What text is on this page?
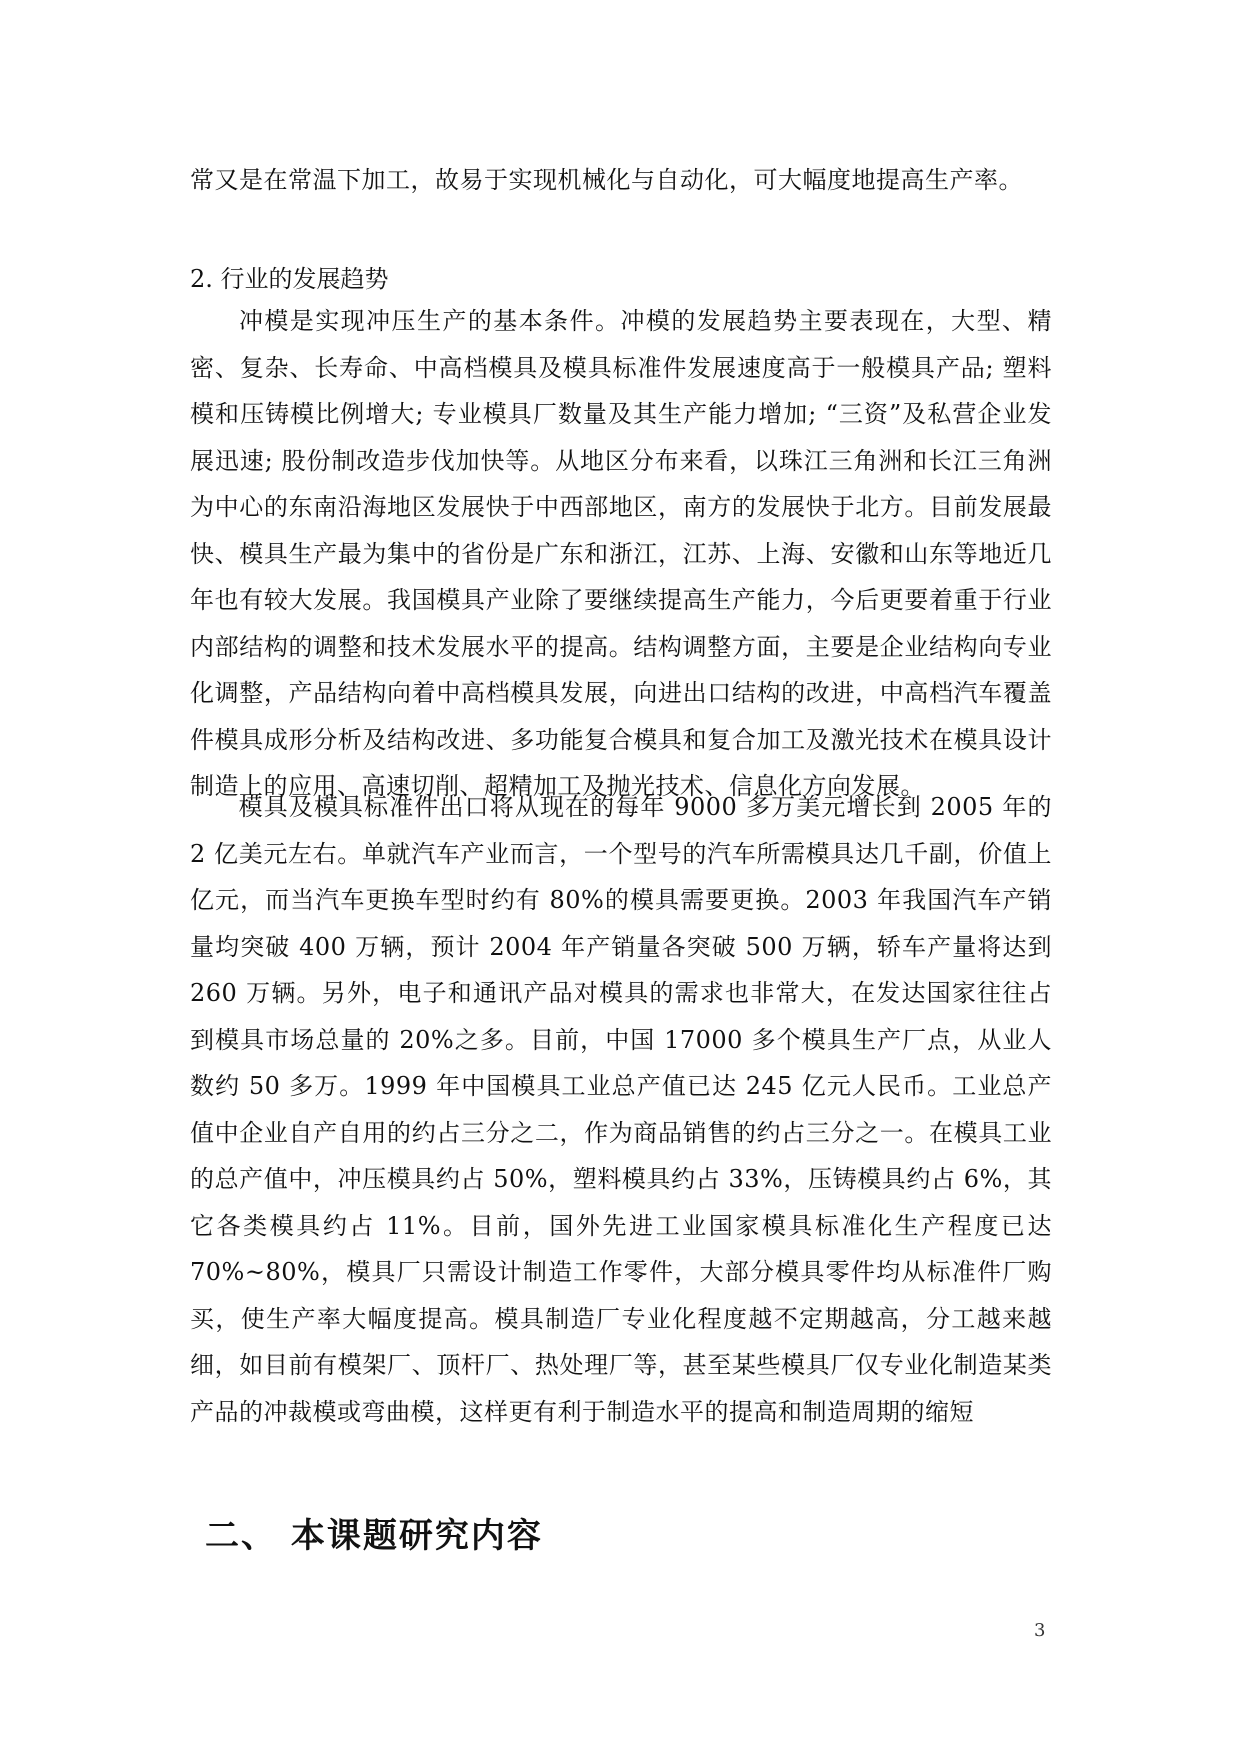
常又是在常温下加工，故易于实现机械化与自动化，可大幅度地提高生产率。
2. 行业的发展趋势
冲模是实现冲压生产的基本条件。冲模的发展趋势主要表现在，大型、精密、复杂、长寿命、中高档模具及模具标准件发展速度高于一般模具产品; 塑料模和压铸模比例增大; 专业模具厂数量及其生产能力增加; “三资”及私营企业发展迅速; 股份制改造步伐加快等。从地区分布来看，以珠江三角洲和长江三角洲为中心的东南沿海地区发展快于中西部地区，南方的发展快于北方。目前发展最快、模具生产最为集中的省份是广东和浙江，江苏、上海、安徽和山东等地近几年也有较大发展。我国模具产业除了要继续提高生产能力，今后更要着重于行业内部结构的调整和技术发展水平的提高。结构调整方面，主要是企业结构向专业化调整，产品结构向着中高档模具发展，向进出口结构的改进，中高档汽车覆盖件模具成形分析及结构改进、多功能复合模具和复合加工及激光技术在模具设计制造上的应用、高速切削、超精加工及抛光技术、信息化方向发展。
模具及模具标准件出口将从现在的每年 9000 多万美元增长到 2005 年的 2 亿美元左右。单就汽车产业而言，一个型号的汽车所需模具达几千副，价值上亿元，而当汽车更换车型时约有 80%的模具需要更换。2003 年我国汽车产销量均突破 400 万辆，预计 2004 年产销量各突破 500 万辆，轿车产量将达到 260 万辆。另外，电子和通讯产品对模具的需求也非常大，在发达国家往往占到模具市场总量的 20%之多。目前，中国 17000 多个模具生产厂点，从业人数约 50 多万。1999 年中国模具工业总产值已达 245 亿元人民币。工业总产值中企业自产自用的约占三分之二，作为商品销售的约占三分之一。在模具工业的总产值中，冲压模具约占 50%，塑料模具约占 33%，压铸模具约占 6%，其它各类模具约占 11%。目前，国外先进工业国家模具标准化生产程度已达 70%~80%，模具厂只需设计制造工作零件，大部分模具零件均从标准件厂购买，使生产率大幅度提高。模具制造厂专业化程度越不定期越高，分工越来越细，如目前有模架厂、顶杆厂、热处理厂等，甚至某些模具厂仅专业化制造某类产品的冲裁模或弯曲模，这样更有利于制造水平的提高和制造周期的缩短
二、 本课题研究内容
3
